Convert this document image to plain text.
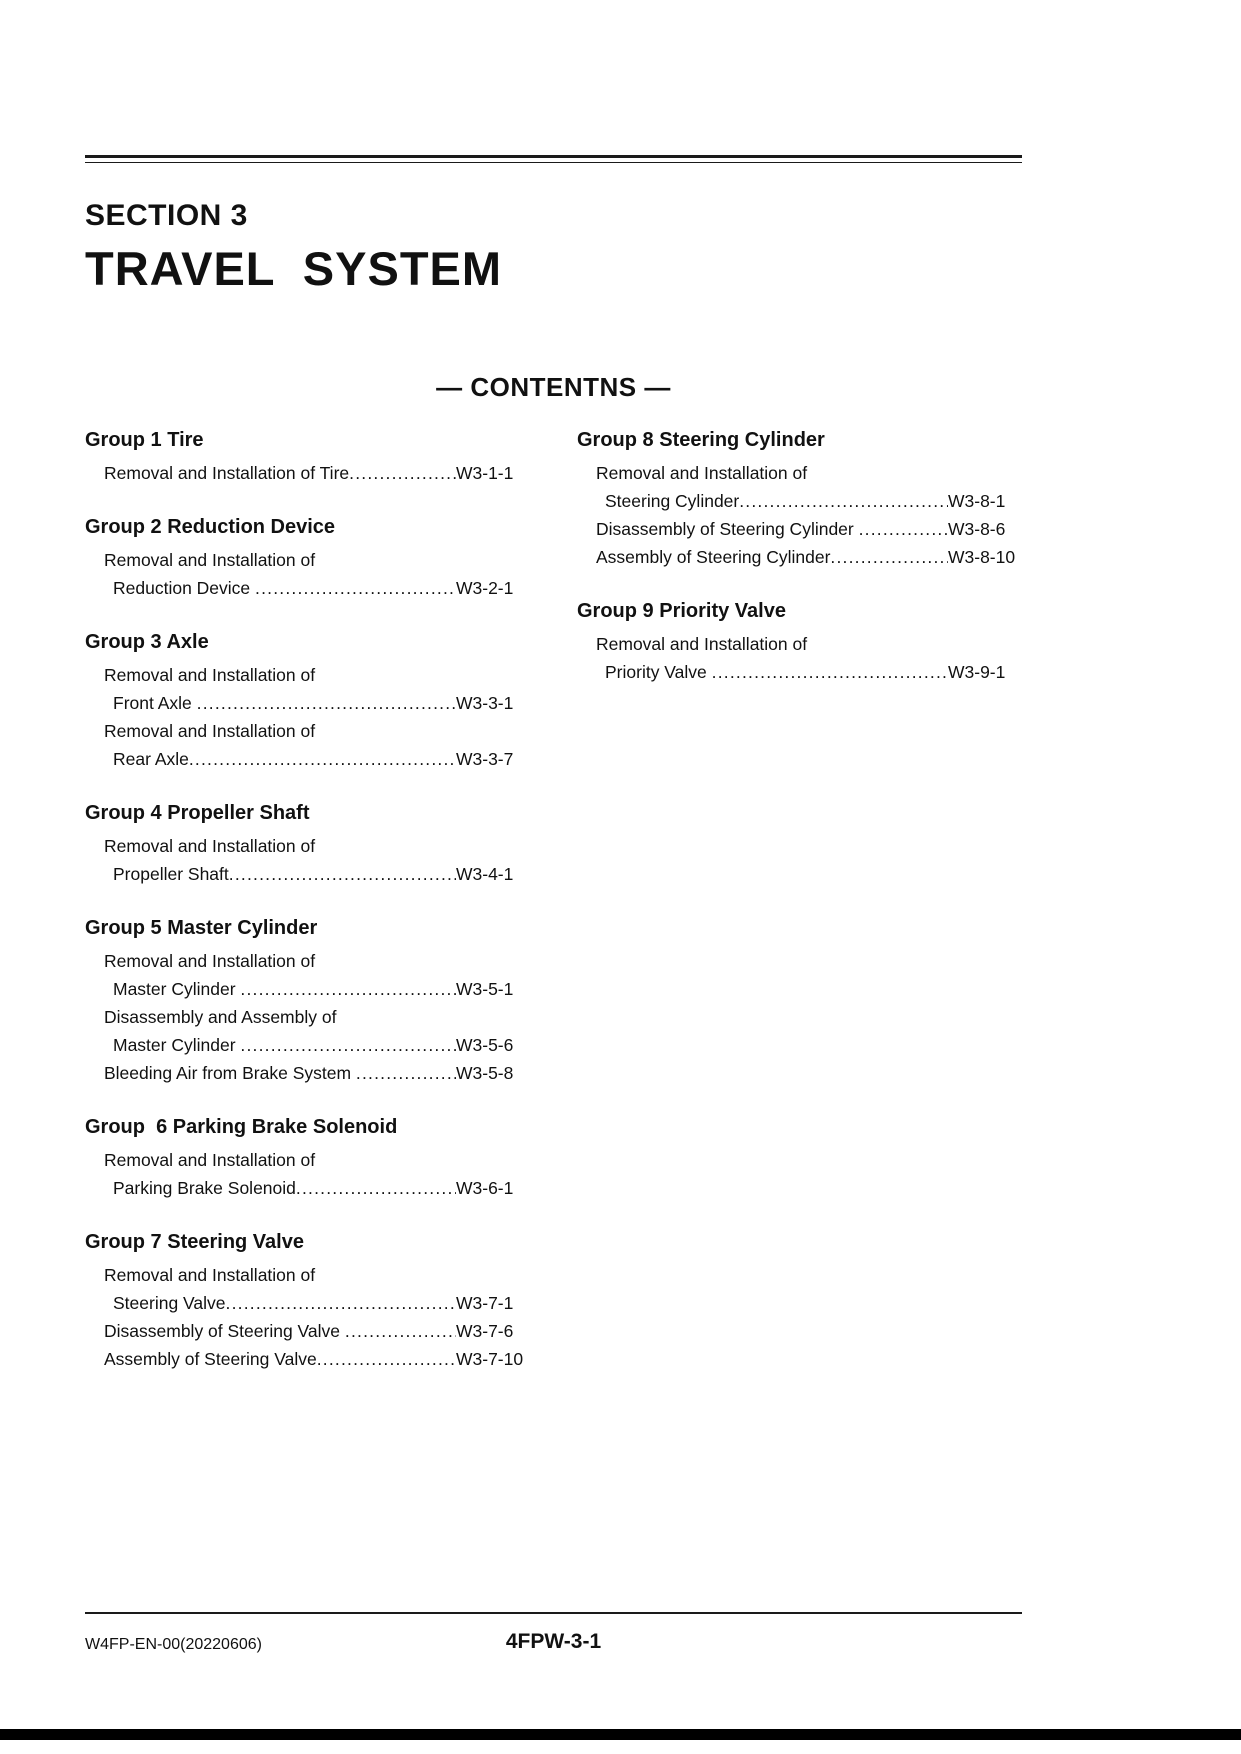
SECTION 3
TRAVEL  SYSTEM
— CONTENTNS —
Group 1 Tire
Removal and Installation of Tire .....	W3-1-1
Group 2 Reduction Device
Removal and Installation of
Reduction Device .....	W3-2-1
Group 3 Axle
Removal and Installation of
Front Axle .....	W3-3-1
Removal and Installation of
Rear Axle .....	W3-3-7
Group 4 Propeller Shaft
Removal and Installation of
Propeller Shaft .....	W3-4-1
Group 5 Master Cylinder
Removal and Installation of
Master Cylinder .....	W3-5-1
Disassembly and Assembly of
Master Cylinder .....	W3-5-6
Bleeding Air from Brake System .....	W3-5-8
Group  6 Parking Brake Solenoid
Removal and Installation of
Parking Brake Solenoid .....	W3-6-1
Group 7 Steering Valve
Removal and Installation of
Steering Valve .....	W3-7-1
Disassembly of Steering Valve .....	W3-7-6
Assembly of Steering Valve .....	W3-7-10
Group 8 Steering Cylinder
Removal and Installation of
Steering Cylinder .....	W3-8-1
Disassembly of Steering Cylinder .....	W3-8-6
Assembly of Steering Cylinder .....	W3-8-10
Group 9 Priority Valve
Removal and Installation of
Priority Valve .....	W3-9-1
W4FP-EN-00(20220606)	4FPW-3-1
